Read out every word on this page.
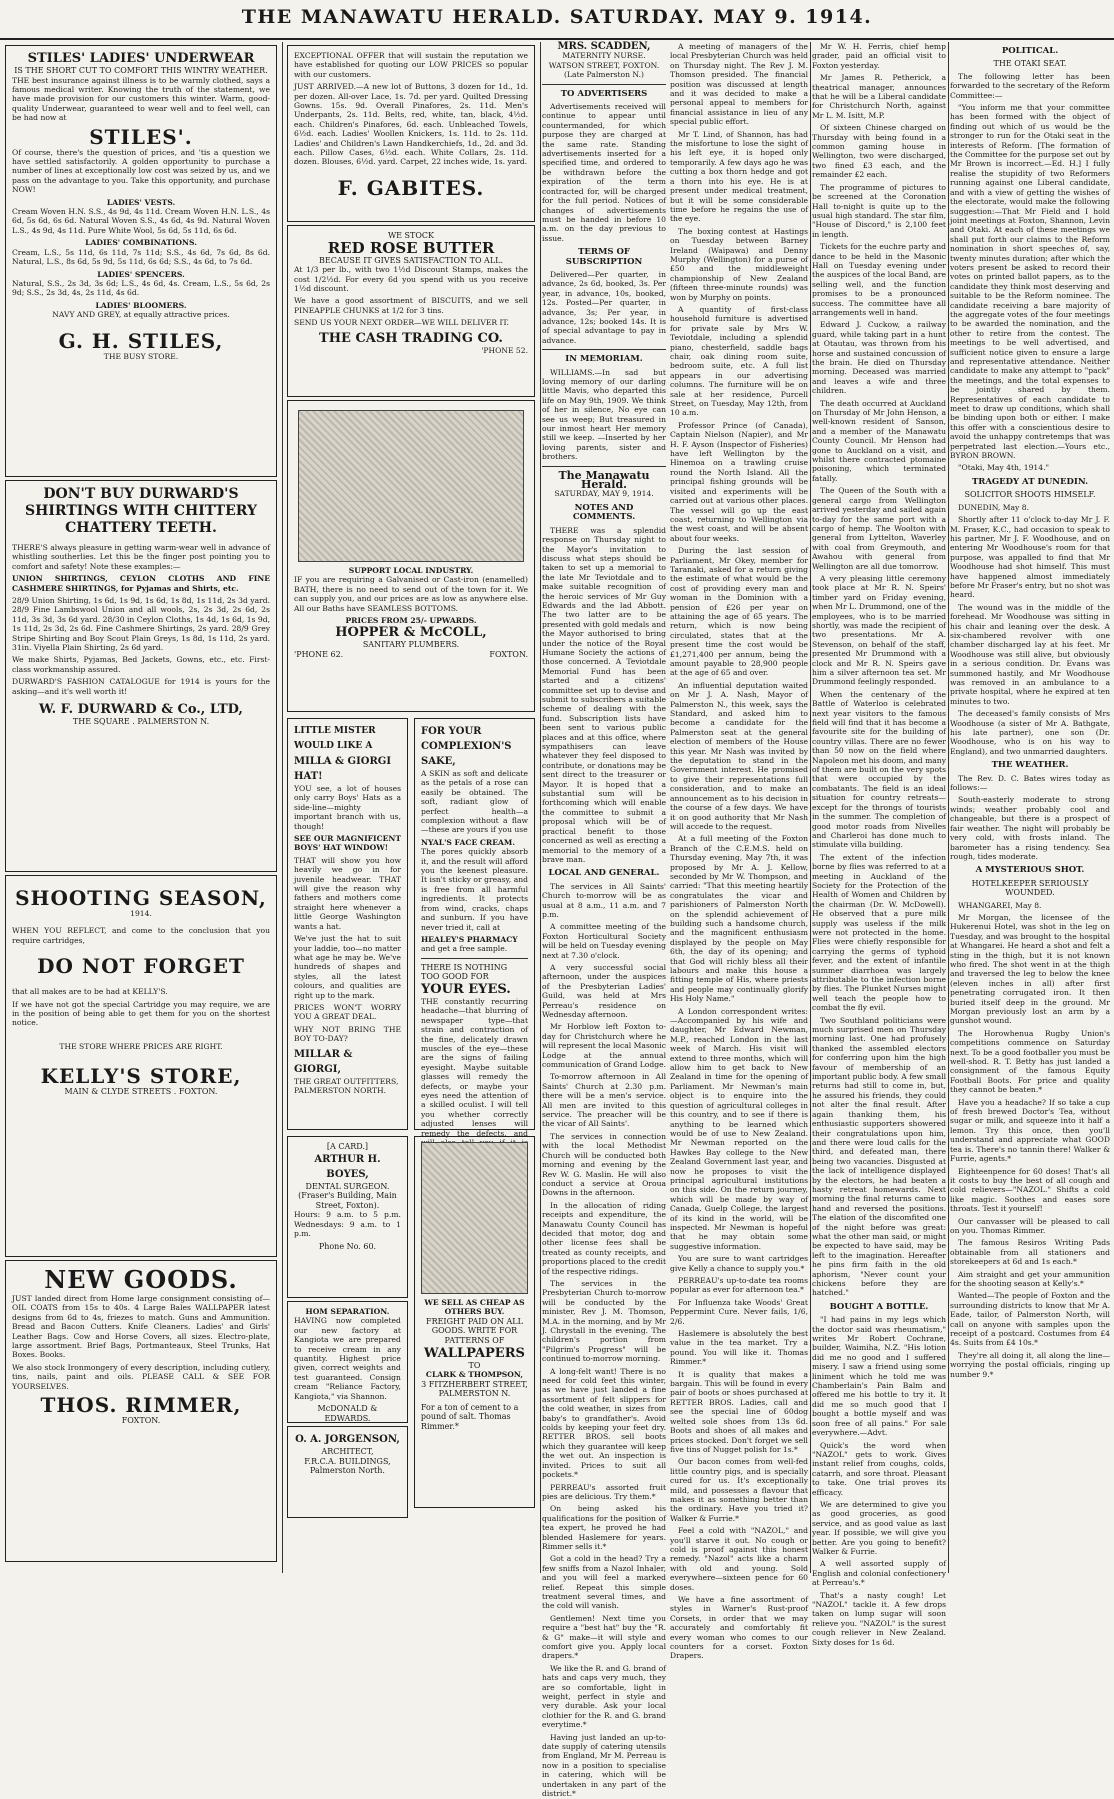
THE MANAWATU HERALD. SATURDAY. MAY 9. 1914.
STILES' LADIES' UNDERWEAR
IS THE SHORT CUT TO COMFORT THIS WINTRY WEATHER.

THE best insurance against illness is to be warmly clothed, says a famous medical writer. Knowing the truth of the statement, we have made provision for our customers this winter. Warm, good-quality Underwear, guaranteed to wear well and to feel well, can be had now at

STILES'.

Of course, there's the question of prices, and 'tis a question we have settled satisfactorily. A golden opportunity to purchase a number of lines at exceptionally low cost was seized by us, and we pass on the advantage to you. Take this opportunity, and purchase NOW!

LADIES' VESTS.

Cream Woven H.N. S.S., 4s 9d, 4s 11d. Cream Woven H.N. L.S., 4s 6d, 5s 6d, 6s 6d. Natural Woven S.S., 4s 6d, 4s 9d. Natural Woven L.S., 4s 9d, 4s 11d. Pure White Wool, 5s 6d, 5s 11d, 6s 6d.

LADIES' COMBINATIONS.

Cream, L.S., 5s 11d, 6s 11d, 7s 11d; S.S., 4s 6d, 7s 6d, 8s 6d. Natural, L.S., 8s 6d, 5s 9d, 5s 11d, 6s 6d; S.S., 4s 6d, to 7s 6d.

LADIES' SPENCERS.

Natural, S.S., 2s 3d, 3s 6d; L.S., 4s 6d, 4s. Cream, L.S., 5s 6d, 2s 9d; S.S., 2s 3d, 4s, 2s 11d, 4s 6d.

LADIES' BLOOMERS.
NAVY AND GREY, at equally attractive prices.
G. H. STILES,
THE BUSY STORE.
DON'T BUY DURWARD'S SHIRTINGS WITH CHITTERY CHATTERY TEETH.

THERE'S always pleasure in getting warm-wear well in advance of whistling southerlies. Let this be the finger post pointing you to comfort and safety! Note these examples:—

UNION SHIRTINGS, CEYLON CLOTHS AND FINE CASHMERE SHIRTINGS, for Pyjamas and Shirts, etc.

28/9 Union Shirting, 1s 6d, 1s 9d, 1s 6d, 1s 8d, 1s 11d, 2s 3d yard. 28/9 Fine Lambswool Union and all wools, 2s, 2s 3d, 2s 6d, 2s 11d, 3s 3d, 3s 6d yard. 28/30 in Ceylon Cloths, 1s 4d, 1s 6d, 1s 9d, 1s 11d, 2s 3d, 2s 6d. Fine Cashmere Shirtings, 2s yard. 28/9 Grey Stripe Shirting and Boy Scout Plain Greys, 1s 8d, 1s 11d, 2s yard. 31in. Viyella Plain Shirting, 2s 6d yard.

We make Shirts, Pyjamas, Bed Jackets, Gowns, etc., etc. First-class workmanship assured.

DURWARD'S FASHION CATALOGUE for 1914 is yours for the asking—and it's well worth it!

W. F. DURWARD & Co., LTD,
THE SQUARE . PALMERSTON N.
SHOOTING SEASON,
1914.

WHEN YOU REFLECT, and come to the conclusion that you require cartridges,

DO NOT FORGET

that all makes are to be had at KELLY'S.

If we have not got the special Cartridge you may require, we are in the position of being able to get them for you on the shortest notice.

THE STORE WHERE PRICES ARE RIGHT.
KELLY'S STORE,
MAIN & CLYDE STREETS . FOXTON.
NEW GOODS.

JUST landed direct from Home large consignment consisting of— OIL COATS from 15s to 40s. 4 Large Bales WALLPAPER latest designs from 6d to 4s, friezes to match. Guns and Ammunition. Bread and Bacon Cutters. Knife Cleaners. Ladies' and Girls' Leather Bags. Cow and Horse Covers, all sizes. Electro-plate, large assortment. Brief Bags, Portmanteaux, Steel Trunks, Hat Boxes. Books.

We also stock Ironmongery of every description, including cutlery, tins, nails, paint and oils. PLEASE CALL & SEE FOR YOURSELVES.

THOS. RIMMER,
FOXTON.

EXCEPTIONAL OFFER that will sustain the reputation we have established for quoting our LOW PRICES so popular with our customers.

JUST ARRIVED.—A new lot of Buttons, 3 dozen for 1d., 1d. per dozen. All-over Lace, 1s. 7d. per yard. Quilted Dressing Gowns. 15s. 9d. Overall Pinafores, 2s. 11d. Men's Underpants, 2s. 11d. Belts, red, white, tan, black, 4½d. each. Children's Pinafores, 6d. each. Unbleached Towels, 6½d. each. Ladies' Woollen Knickers, 1s. 11d. to 2s. 11d. Ladies' and Children's Lawn Handkerchiefs, 1d., 2d. and 3d. each. Pillow Cases, 6½d. each. White Collars, 2s. 11d. dozen. Blouses, 6½d. yard. Carpet, 22 inches wide, 1s. yard.

F. GABITES.
WE STOCK
RED ROSE BUTTER
BECAUSE IT GIVES SATISFACTION TO ALL.

At 1/3 per lb., with two 1½d Discount Stamps, makes the cost 1/2½d. For every 6d you spend with us you receive 1½d discount.

We have a good assortment of BISCUITS, and we sell PINEAPPLE CHUNKS at 1/2 for 3 tins.

SEND US YOUR NEXT ORDER—WE WILL DELIVER IT.

THE CASH TRADING CO.
'PHONE 52.
SUPPORT LOCAL INDUSTRY.

IF you are requiring a Galvanised or Cast-iron (enamelled) BATH, there is no need to send out of the town for it. We can supply you, and our prices are as low as anywhere else. All our Baths have SEAMLESS BOTTOMS.

PRICES FROM 25/- UPWARDS.
HOPPER & McCOLL,
SANITARY PLUMBERS.
'PHONE 62.	FOXTON.
LITTLE MISTER WOULD LIKE A
MILLA & GIORGI HAT!

YOU see, a lot of houses only carry Boys' Hats as a side-line—mighty important branch with us, though!

SEE OUR MAGNIFICENT BOYS' HAT WINDOW!

THAT will show you how heavily we go in for juvenile headwear. THAT will give the reason why fathers and mothers come straight here whenever a little George Washington wants a hat.

We've just the hat to suit your laddie, too—no matter what age he may be. We've hundreds of shapes and styles, all the latest colours, and qualities are right up to the mark.

PRICES WON'T WORRY YOU A GREAT DEAL.

WHY NOT BRING THE BOY TO-DAY?

MILLAR & GIORGI,
THE GREAT OUTFITTERS,
PALMERSTON NORTH.
FOR YOUR COMPLEXION'S SAKE,

A SKIN as soft and delicate as the petals of a rose can easily be obtained. The soft, radiant glow of perfect health—a complexion without a flaw—these are yours if you use

NYAL'S FACE CREAM.

The pores quickly absorb it, and the result will afford you the keenest pleasure. It isn't sticky or greasy, and is free from all harmful ingredients. It protects from wind, cracks, chaps and sunburn. If you have never tried it, call at

HEALEY'S PHARMACY

and get a free sample.

THERE IS NOTHING TOO GOOD FOR
YOUR EYES.

THE constantly recurring headache—that blurring of newspaper type—that strain and contraction of the fine, delicately drawn muscles of the eye—these are the signs of failing eyesight. Maybe suitable glasses will remedy the defects, or maybe your eyes need the attention of a skilled oculist. I will tell you whether correctly adjusted lenses will remedy the defects, and

[A CARD.]
ARTHUR H. BOYES,
DENTAL SURGEON.
(Fraser's Building, Main Street, Foxton).

Hours: 9 a.m. to 5 p.m. Wednesdays: 9 a.m. to 1 p.m.

Phone No. 60.
HOM SEPARATION.

HAVING now completed our new factory at Kangiota we are prepared to receive cream in any quantity. Highest price given, correct weights and test guaranteed. Consign cream "Reliance Factory, Kangiota," via Shannon.

McDONALD & EDWARDS.
O. A. JORGENSON,
ARCHITECT,
F.R.C.A. BUILDINGS,
Palmerston North.
WE SELL AS CHEAP AS OTHERS BUY.
FREIGHT PAID ON ALL GOODS. WRITE FOR PATTERNS OF
WALLPAPERS
TO
CLARK & THOMPSON,
3 FITZHERBERT STREET, PALMERSTON N.
For a ton of cement to a pound of salt. Thomas Rimmer.*
MRS. SCADDEN,
MATERNITY NURSE.
WATSON STREET, FOXTON.
(Late Palmerston N.)
TO ADVERTISERS

Advertisements received will continue to appear until countermanded, for which purpose they are charged at the same rate. Standing advertisements inserted for a specified time, and ordered to be withdrawn before the expiration of the term contracted for, will be charged for the full period. Notices of changes of advertisements must be handed in before 10 a.m. on the day previous to issue.

TERMS OF SUBSCRIPTION

Delivered—Per quarter, in advance, 2s 6d, booked, 3s. Per year, in advance, 10s, booked, 12s. Posted—Per quarter, in advance, 3s; Per year, in advance, 12s; booked 14s. It is of special advantage to pay in advance.

IN MEMORIAM.

WILLIAMS.—In sad but loving memory of our darling little Mavis, who departed this life on May 9th, 1909. We think of her in silence, No eye can see us weep; But treasured in our inmost heart Her memory still we keep. —Inserted by her loving parents, sister and brothers.

The Manawatu Herald.
SATURDAY, MAY 9, 1914.
NOTES AND COMMENTS.

THERE was a splendid response on Thursday night to the Mayor's invitation to discuss what steps should be taken to set up a memorial to the late Mr Teviotdale and to make suitable recognition of the heroic services of Mr Guy Edwards and the lad Abbott. The two latter are to be presented with gold medals and the Mayor authorised to bring under the notice of the Royal Humane Society the actions of those concerned. A Teviotdale Memorial Fund has been started and a citizens' committee set up to devise and submit to subscribers a suitable scheme of dealing with the fund. Subscription lists have been sent to various public places and at this office, where sympathisers can leave whatever they feel disposed to contribute, or donations may be sent direct to the treasurer or Mayor. It is hoped that a substantial sum will be forthcoming which will enable the committee to submit a proposal which will be of practical benefit to those concerned as well as erecting a memorial to the memory of a brave man.

LOCAL AND GENERAL.

The services in All Saints' Church to-morrow will be as usual at 8 a.m., 11 a.m. and 7 p.m.

A committee meeting of the Foxton Horticultural Society will be held on Tuesday evening next at 7.30 o'clock.

A very successful social afternoon, under the auspices of the Presbyterian Ladies' Guild, was held at Mrs Perreau's residence on Wednesday afternoon.

Mr Horblow left Foxton to-day for Christchurch where he will represent the local Masonic Lodge at the annual communication of Grand Lodge.

To-morrow afternoon in All Saints' Church at 2.30 p.m. there will be a men's service. All men are invited to this service. The preacher will be the vicar of All Saints'.

The services in connection with the local Methodist Church will be conducted both morning and evening by the Rev W. G. Maslin. He will also conduct a service at Oroua Downs in the afternoon.

In the allocation of riding receipts and expenditure, the Manawatu County Council has decided that motor, dog and other license fees shall be treated as county receipts, and proportions placed to the credit of the respective ridings.

The services in the Presbyterian Church to-morrow will be conducted by the minister, Rev J. M. Thomson, M.A. in the morning, and by Mr J. Chrystall in the evening. The children's portion from "Pilgrim's Progress" will be continued to-morrow morning.

A long-felt want! There is no need for cold feet this winter, as we have just landed a fine assortment of felt slippers for the cold weather, in sizes from baby's to grandfather's. Avoid colds by keeping your feet dry. RETTER BROS. sell boots which they guarantee will keep the wet out. An inspection is invited. Prices to suit all pockets.*

PERREAU's assorted fruit pies are delicious. Try them.*

On being asked his qualifications for the position of tea expert, he proved he had blended Haslemere for years. Rimmer sells it.*

Got a cold in the head? Try a few sniffs from a Nazol Inhaler, and you will feel a marked relief. Repeat this simple treatment several times, and the cold will vanish.

Gentlemen! Next time you require a "best hat" buy the "R. & G" make—it will style and comfort give you. Apply local drapers.*

We like the R. and G. brand of hats and caps very much, they are so comfortable, light in weight, perfect in style and very durable. Ask your local clothier for the R. and G. brand everytime.*

Having just landed an up-to-date supply of catering utensils from England, Mr M. Perreau is now in a position to specialise in catering, which will be undertaken in any part of the district.*

A meeting of managers of the local Presbyterian Church was held on Thursday night. The Rev J. M. Thomson presided. The financial position was discussed at length and it was decided to make a personal appeal to members for financial assistance in lieu of any special public effort.

Mr T. Lind, of Shannon, has had the misfortune to lose the sight of his left eye, it is hoped only temporarily. A few days ago he was cutting a box thorn hedge and got a thorn into his eye. He is at present under medical treatment, but it will be some considerable time before he regains the use of the eye.

The boxing contest at Hastings on Tuesday between Barney Ireland (Waipawa) and Denny Murphy (Wellington) for a purse of £50 and the middleweight championship of New Zealand (fifteen three-minute rounds) was won by Murphy on points.

A quantity of first-class household furniture is advertised for private sale by Mrs W. Teviotdale, including a splendid piano, chesterfield, saddle bags chair, oak dining room suite, bedroom suite, etc. A full list appears in our advertising columns. The furniture will be on sale at her residence, Purcell Street, on Tuesday, May 12th, from 10 a.m.

Professor Prince (of Canada), Captain Nielson (Napier), and Mr H. F. Ayson (Inspector of Fisheries) have left Wellington by the Hinemoa on a trawling cruise round the North Island. All the principal fishing grounds will be visited and experiments will be carried out at various other places. The vessel will go up the east coast, returning to Wellington via the west coast, and will be absent about four weeks.

During the last session of Parliament, Mr Okey, member for Taranaki, asked for a return giving the estimate of what would be the cost of providing every man and woman in the Dominion with a pension of £26 per year on attaining the age of 65 years. The return, which is now being circulated, states that at the present time the cost would be £1,271,400 per annum, being the amount payable to 28,900 people at the age of 65 and over.

An influential deputation waited on Mr J. A. Nash, Mayor of Palmerston N., this week, says the Standard, and asked him to become a candidate for the Palmerston seat at the general election of members of the House this year. Mr Nash was invited by the deputation to stand in the Government interest. He promised to give their representations full consideration, and to make an announcement as to his decision in the course of a few days. We have it on good authority that Mr Nash will accede to the request.

At a full meeting of the Foxton Branch of the C.E.M.S. held on Thursday evening, May 7th, it was proposed by Mr A. J. Kellow, seconded by Mr W. Thompson, and carried: "That this meeting heartily congratulates the vicar and parishioners of Palmerston North on the splendid achievement of building such a handsome church, and the magnificent enthusiasm displayed by the people on May 6th, the day of its opening; and that God will richly bless all their labours and make this house a fitting temple of His, where priests and people may continually glorify His Holy Name."

A London correspondent writes:—Accompanied by his wife and daughter, Mr Edward Newman, M.P., reached London in the last week of March. His visit will extend to three months, which will allow him to get back to New Zealand in time for the opening of Parliament. Mr Newman's main object is to enquire into the question of agricultural colleges in this country, and to see if there is anything to be learned which would be of use to New Zealand. Mr Newman reported on the Hawkes Bay college to the New Zealand Government last year, and now he proposes to visit the principal agricultural institutions on this side. On the return journey, which will be made by way of Canada, Guelp College, the largest of its kind in the world, will be inspected. Mr Newman is hopeful that he may obtain some suggestive information.

You are sure to want cartridges give Kelly a chance to supply you.*

PERREAU's up-to-date tea rooms popular as ever for afternoon tea.*

For Influenza take Woods' Great Peppermint Cure. Never fails, 1/6, 2/6.

Haslemere is absolutely the best value in the tea market. Try a pound. You will like it. Thomas Rimmer.*

It is quality that makes a bargain. This will be found in every pair of boots or shoes purchased at RETTER BROS. Ladies, call and see the special line of 60dog welted sole shoes from 13s 6d. Boots and shoes of all makes and prices stocked. Don't forget we sell five tins of Nugget polish for 1s.*

Our bacon comes from well-fed little country pigs, and is specially cured for us. It's exceptionally mild, and possesses a flavour that makes it as something better than the ordinary. Have you tried it? Walker & Furrie.*

Feel a cold with "NAZOL," and you'll starve it out. No cough or cold is proof against this honest remedy. "Nazol" acts like a charm with old and young. Sold everywhere—sixteen pence for 60 doses.

We have a fine assortment of styles in Warner's Rust-proof Corsets, in order that we may accurately and comfortably fit every woman who comes to our counters for a corset. Foxton Drapers.

Mr W. H. Ferris, chief hemp grader, paid an official visit to Foxton yesterday.

Mr James R. Petherick, a theatrical manager, announces that he will be a Liberal candidate for Christchurch North, against Mr L. M. Isitt, M.P.

Of sixteen Chinese charged on Thursday with being found in a common gaming house in Wellington, two were discharged, two fined £3 each, and the remainder £2 each.

The programme of pictures to be screened at the Coronation Hall to-night is quite up to the usual high standard. The star film, "House of Discord," is 2,100 feet in length.

Tickets for the euchre party and dance to be held in the Masonic Hall on Tuesday evening under the auspices of the local Band, are selling well, and the function promises to be a pronounced success. The committee have all arrangements well in hand.

Edward J. Cuckow, a railway guard, while taking part in a hunt at Otautau, was thrown from his horse and sustained concussion of the brain. He died on Thursday morning. Deceased was married and leaves a wife and three children.

The death occurred at Auckland on Thursday of Mr John Henson, a well-known resident of Sanson, and a member of the Manawatu County Council. Mr Henson had gone to Auckland on a visit, and whilst there contracted ptomaine poisoning, which terminated fatally.

The Queen of the South with a general cargo from Wellington arrived yesterday and sailed again to-day for the same port with a cargo of hemp. The Woolton with general from Lyttelton, Waverley with coal from Greymouth, and Awahou with general from Wellington are all due tomorrow.

A very pleasing little ceremony took place at Mr R. N. Speirs' timber yard on Friday evening, when Mr L. Drummond, one of the employees, who is to be married shortly, was made the recipient of two presentations. Mr A. Stevenson, on behalf of the staff, presented Mr Drummond with a clock and Mr R. N. Speirs gave him a silver afternoon tea set. Mr Drummond feelingly responded.

When the centenary of the Battle of Waterloo is celebrated next year visitors to the famous field will find that it has become a favourite site for the building of country villas. There are no fewer than 50 now on the field where Napoleon met his doom, and many of them are built on the very spots that were occupied by the combatants. The field is an ideal situation for country retreats—except for the throngs of tourists in the summer. The completion of good motor roads from Nivelles and Charleroi has done much to stimulate villa building.

The extent of the infection borne by flies was referred to at a meeting in Auckland of the Society for the Protection of the Health of Women and Children by the chairman (Dr. W. McDowell). He observed that a pure milk supply was useless if the milk were not protected in the home. Flies were chiefly responsible for carrying the germs of typhoid fever, and the extent of infantile summer diarrhoea was largely attributable to the infection borne by flies. The Plunket Nurses might well teach the people how to combat the fly evil.

Two Southland politicians were much surprised men on Thursday morning last. One had profusely thanked the assembled electors for conferring upon him the high favour of membership of an important public body. A few small returns had still to come in, but, he assured his friends, they could not alter the final result. After again thanking them, his enthusiastic supporters showered their congratulations upon him, and there were loud calls for the third, and defeated man, there being two vacancies. Disgusted at the lack of intelligence displayed by the electors, he had beaten a hasty retreat homewards. Next morning the final returns came to hand and reversed the positions. The elation of the discomfited one of the night before was great: what the other man said, or might be expected to have said, may be left to the imagination. Hereafter he pins firm faith in the old aphorism, "Never count your chickens before they are hatched."

BOUGHT A BOTTLE.

"I had pains in my legs which the doctor said was rheumatism," writes Mr Robert Cochrane, builder, Waimiha, N.Z. "His lotion did me no good and I suffered misery. I saw a friend using some liniment which he told me was Chamberlain's Pain Balm and offered me his bottle to try it. It did me so much good that I bought a bottle myself and was soon free of all pains." For sale everywhere.—Advt.

Quick's the word when "NAZOL" gets to work. Gives instant relief from coughs, colds, catarrh, and sore throat. Pleasant to take. One trial proves its efficacy.

We are determined to give you as good groceries, as good service, and as good value as last year. If possible, we will give you better. Are you going to benefit? Walker & Furrie.

A well assorted supply of English and colonial confectionery at Perreau's.*

That's a nasty cough! Let "NAZOL" tackle it. A few drops taken on lump sugar will soon relieve you. "NAZOL" is the surest cough reliever in New Zealand. Sixty doses for 1s 6d.

POLITICAL.
THE OTAKI SEAT.

The following letter has been forwarded to the secretary of the Reform Committee:—

"You inform me that your committee has been formed with the object of finding out which of us would be the stronger to run for the Otaki seat in the interests of Reform. [The formation of the Committee for the purpose set out by Mr Brown is incorrect.—Ed. H.] I fully realise the stupidity of two Reformers running against one Liberal candidate, and with a view of getting the wishes of the electorate, would make the following suggestion:—That Mr Field and I hold joint meetings at Foxton, Shannon, Levin and Otaki. At each of these meetings we shall put forth our claims to the Reform nomination in short speeches of, say, twenty minutes duration; after which the voters present be asked to record their votes on printed ballot papers, as to the candidate they think most deserving and suitable to be the Reform nominee. The candidate receiving a bare majority of the aggregate votes of the four meetings to be awarded the nomination, and the other to retire from the contest. The meetings to be well advertised, and sufficient notice given to ensure a large and representative attendance. Neither candidate to make any attempt to "pack" the meetings, and the total expenses to be jointly shared by them. Representatives of each candidate to meet to draw up conditions, which shall be binding upon both or either. I make this offer with a conscientious desire to avoid the unhappy contretemps that was perpetrated last election.—Yours etc., BYRON BROWN.

"Otaki, May 4th, 1914."

TRAGEDY AT DUNEDIN.
SOLICITOR SHOOTS HIMSELF.

DUNEDIN, May 8.

Shortly after 11 o'clock to-day Mr J. F. M. Fraser, K.C., had occasion to speak to his partner, Mr J. F. Woodhouse, and on entering Mr Woodhouse's room for that purpose, was appalled to find that Mr Woodhouse had shot himself. This must have happened almost immediately before Mr Fraser's entry, but no shot was heard.

The wound was in the middle of the forehead. Mr Woodhouse was sitting in his chair and leaning over the desk. A six-chambered revolver with one chamber discharged lay at his feet. Mr Woodhouse was still alive, but obviously in a serious condition. Dr. Evans was summoned hastily, and Mr Woodhouse was removed in an ambulance to a private hospital, where he expired at ten minutes to two.

The deceased's family consists of Mrs Woodhouse (a sister of Mr A. Bathgate, his late partner), one son (Dr. Woodhouse, who is on his way to England), and two unmarried daughters.

THE WEATHER.

The Rev. D. C. Bates wires today as follows:—

South-easterly moderate to strong winds; weather probably cool and changeable, but there is a prospect of fair weather. The night will probably be very cold, with frosts inland. The barometer has a rising tendency. Sea rough, tides moderate.

A MYSTERIOUS SHOT.
HOTELKEEPER SERIOUSLY WOUNDED.

WHANGAREI, May 8.

Mr Morgan, the licensee of the Hukerenui Hotel, was shot in the leg on Tuesday, and was brought to the hospital at Whangarei. He heard a shot and felt a sting in the thigh, but it is not known who fired. The shot went in at the thigh and traversed the leg to below the knee (eleven inches in all) after first penetrating corrugated iron. It then buried itself deep in the ground. Mr Morgan previously lost an arm by a gunshot wound.

The Horowhenua Rugby Union's competitions commence on Saturday next. To be a good footballer you must be well-shod. R. T. Betty has just landed a consignment of the famous Equity Football Boots. For price and quality they cannot be beaten.*

Have you a headache? If so take a cup of fresh brewed Doctor's Tea, without sugar or milk, and squeeze into it half a lemon. Try this once, then you'll understand and appreciate what GOOD tea is. There's no tannin there! Walker & Furrie, agents.*

Eighteenpence for 60 doses! That's all it costs to buy the best of all cough and cold relievers—"NAZOL." Shifts a cold like magic. Soothes and eases sore throats. Test it yourself!

Our canvasser will be pleased to call on you. Thomas Rimmer.

The famous Resiros Writing Pads obtainable from all stationers and storekeepers at 6d and 1s each.*

Aim straight and get your ammunition for the shooting season at Kelly's.*

Wanted—The people of Foxton and the surrounding districts to know that Mr A. Eade, tailor, of Palmerston North, will call on anyone with samples upon the receipt of a postcard. Costumes from £4 4s. Suits from £4 10s.*

They're all doing it, all along the line—worrying the postal officials, ringing up number 9.*
